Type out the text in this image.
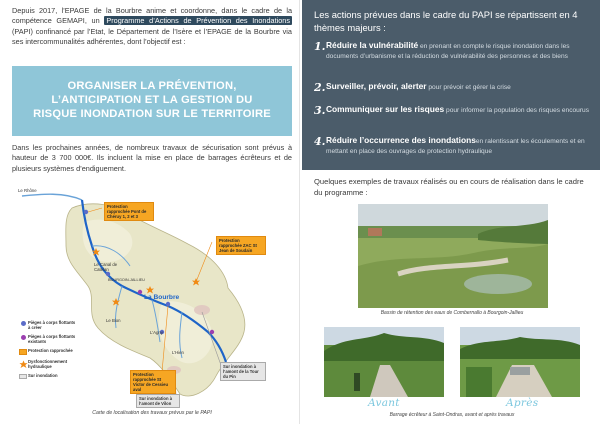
Depuis 2017, l’EPAGE de la Bourbre anime et coordonne, dans le cadre de la compétence GEMAPI, un Programme d’Actions de Prévention des Inondations (PAPI) confinancé par l’Etat, le Département de l’Isère et l’EPAGE de la Bourbre via ses intercommunalités adhérentes, dont l’objectif est :

ORGANISER LA PRÉVENTION, L’ANTICIPATION ET LA GESTION DU RISQUE INONDATION SUR LE TERRITOIRE

Dans les prochaines années, de nombreux travaux de sécurisation sont prévus à hauteur de 3 700 000€. Ils incluent la mise en place de barrages écrêteurs et de plusieurs systèmes d’endiguement.

Le Rhône
Le Canal de Catelan
BOURGOIN-JALLIEU
La Bourbre
Le Bion
L’Agny
L’Hien
Protection rapprochée Pont de Chéruy 1, 2 et 3
Protection rapprochée ZAC St Jean de Soudain
Protection rapprochée St Victor de Cessieu aval
Sur inondation à l’amont de la Tour du Pin
Sur inondation à l’amont de Vilon
Pièges à corps flottants à créer
Pièges à corps flottants existants
Protection rapprochée
Dysfonctionnement hydraulique
Sur inondation

Carte de localisation des travaux prévus par le PAPI

Les actions prévues dans le cadre du PAPI se répartissent en 4 thèmes majeurs :

1. Réduire la vulnérabilité en prenant en compte le risque inondation dans les documents d’urbanisme et la réduction de vulnérabilité des personnes et des biens

2. Surveiller, prévoir, alerter pour prévoir et gérer la crise

3. Communiquer sur les risques pour informer la population des risques encourus

4. Réduire l’occurrence des inondationsen ralentissant les écoulements et en mettant en place des ouvrages de protection hydraulique

Quelques exemples de travaux réalisés ou en cours de réalisation dans le cadre du programme :

Bassin de rétention des eaux de Combernallo à Bourgoin-Jallieu

Avant	Après

Barrage écrêteur à Saint-Ondras, avant et après travaux
